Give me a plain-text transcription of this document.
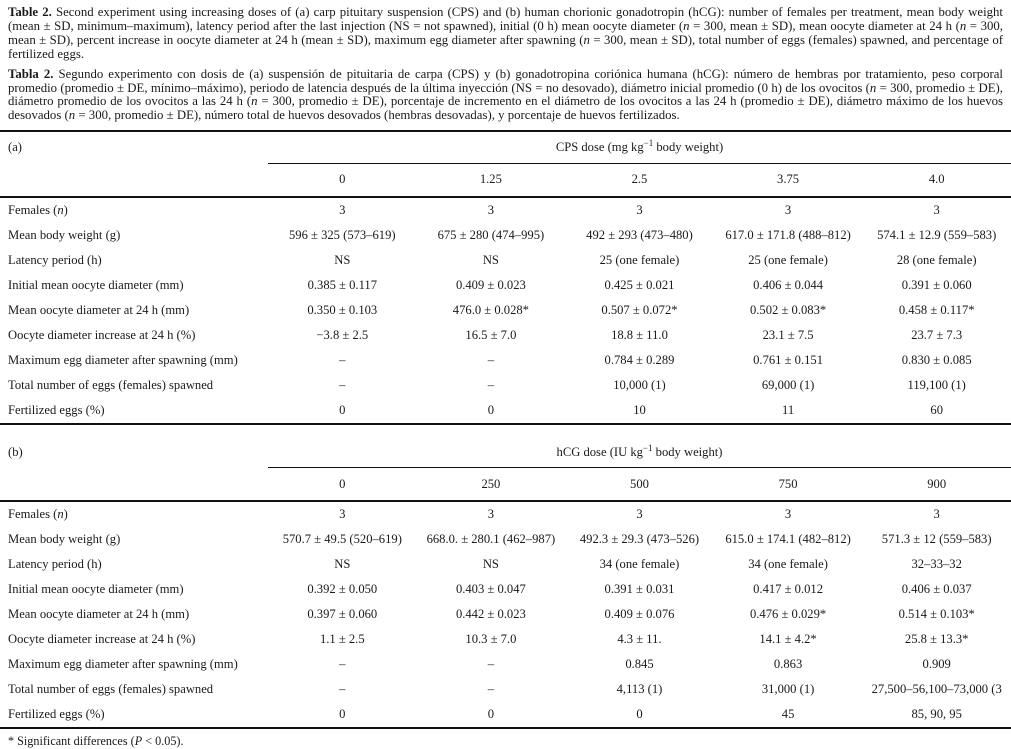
Table 2. Second experiment using increasing doses of (a) carp pituitary suspension (CPS) and (b) human chorionic gonadotropin (hCG): number of females per treatment, mean body weight (mean ± SD, minimum–maximum), latency period after the last injection (NS = not spawned), initial (0 h) mean oocyte diameter (n = 300, mean ± SD), mean oocyte diameter at 24 h (n = 300, mean ± SD), percent increase in oocyte diameter at 24 h (mean ± SD), maximum egg diameter after spawning (n = 300, mean ± SD), total number of eggs (females) spawned, and percentage of fertilized eggs.

Tabla 2. Segundo experimento con dosis de (a) suspensión de pituitaria de carpa (CPS) y (b) gonadotropina coriónica humana (hCG): número de hembras por tratamiento, peso corporal promedio (promedio ± DE, mínimo–máximo), periodo de latencia después de la última inyección (NS = no desovado), diámetro inicial promedio (0 h) de los ovocitos (n = 300, promedio ± DE), diámetro promedio de los ovocitos a las 24 h (n = 300, promedio ± DE), porcentaje de incremento en el diámetro de los ovocitos a las 24 h (promedio ± DE), diámetro máximo de los huevos desovados (n = 300, promedio ± DE), número total de huevos desovados (hembras desovadas), y porcentaje de huevos fertilizados.

(a)	CPS dose (mg $kg^{-1}$ body weight)				
	0	1.25	2.5	3.75	4.0
Females (n)	3	3	3	3	3
Mean body weight (g)	596 ± 325 (573–619)	675 ± 280 (474–995)	492 ± 293 (473–480)	617.0 ± 171.8 (488–812)	574.1 ± 12.9 (559–583)
Latency period (h)	NS	NS	25 (one female)	25 (one female)	28 (one female)
Initial mean oocyte diameter (mm)	0.385 ± 0.117	0.409 ± 0.023	0.425 ± 0.021	0.406 ± 0.044	0.391 ± 0.060
Mean oocyte diameter at 24 h (mm)	0.350 ± 0.103	476.0 ± 0.028*	0.507 ± 0.072*	0.502 ± 0.083*	0.458 ± 0.117*
Oocyte diameter increase at 24 h (%)	−3.8 ± 2.5	16.5 ± 7.0	18.8 ± 11.0	23.1 ± 7.5	23.7 ± 7.3
Maximum egg diameter after spawning (mm)	–	–	0.784 ± 0.289	0.761 ± 0.151	0.830 ± 0.085
Total number of eggs (females) spawned	–	–	10,000 (1)	69,000 (1)	119,100 (1)
Fertilized eggs (%)	0	0	10	11	60
(b)	hCG dose (IU $kg^{-1}$ body weight)				
	0	250	500	750	900
Females (n)	3	3	3	3	3
Mean body weight (g)	570.7 ± 49.5 (520–619)	668.0. ± 280.1 (462–987)	492.3 ± 29.3 (473–526)	615.0 ± 174.1 (482–812)	571.3 ± 12 (559–583)
Latency period (h)	NS	NS	34 (one female)	34 (one female)	32–33–32
Initial mean oocyte diameter (mm)	0.392 ± 0.050	0.403 ± 0.047	0.391 ± 0.031	0.417 ± 0.012	0.406 ± 0.037
Mean oocyte diameter at 24 h (mm)	0.397 ± 0.060	0.442 ± 0.023	0.409 ± 0.076	0.476 ± 0.029*	0.514 ± 0.103*
Oocyte diameter increase at 24 h (%)	1.1 ± 2.5	10.3 ± 7.0	4.3 ± 11.	14.1 ± 4.2*	25.8 ± 13.3*
Maximum egg diameter after spawning (mm)	–	–	0.845	0.863	0.909
Total number of eggs (females) spawned	–	–	4,113 (1)	31,000 (1)	27,500–56,100–73,000 (3
Fertilized eggs (%)	0	0	0	45	85, 90, 95

* Significant differences (P < 0.05).
